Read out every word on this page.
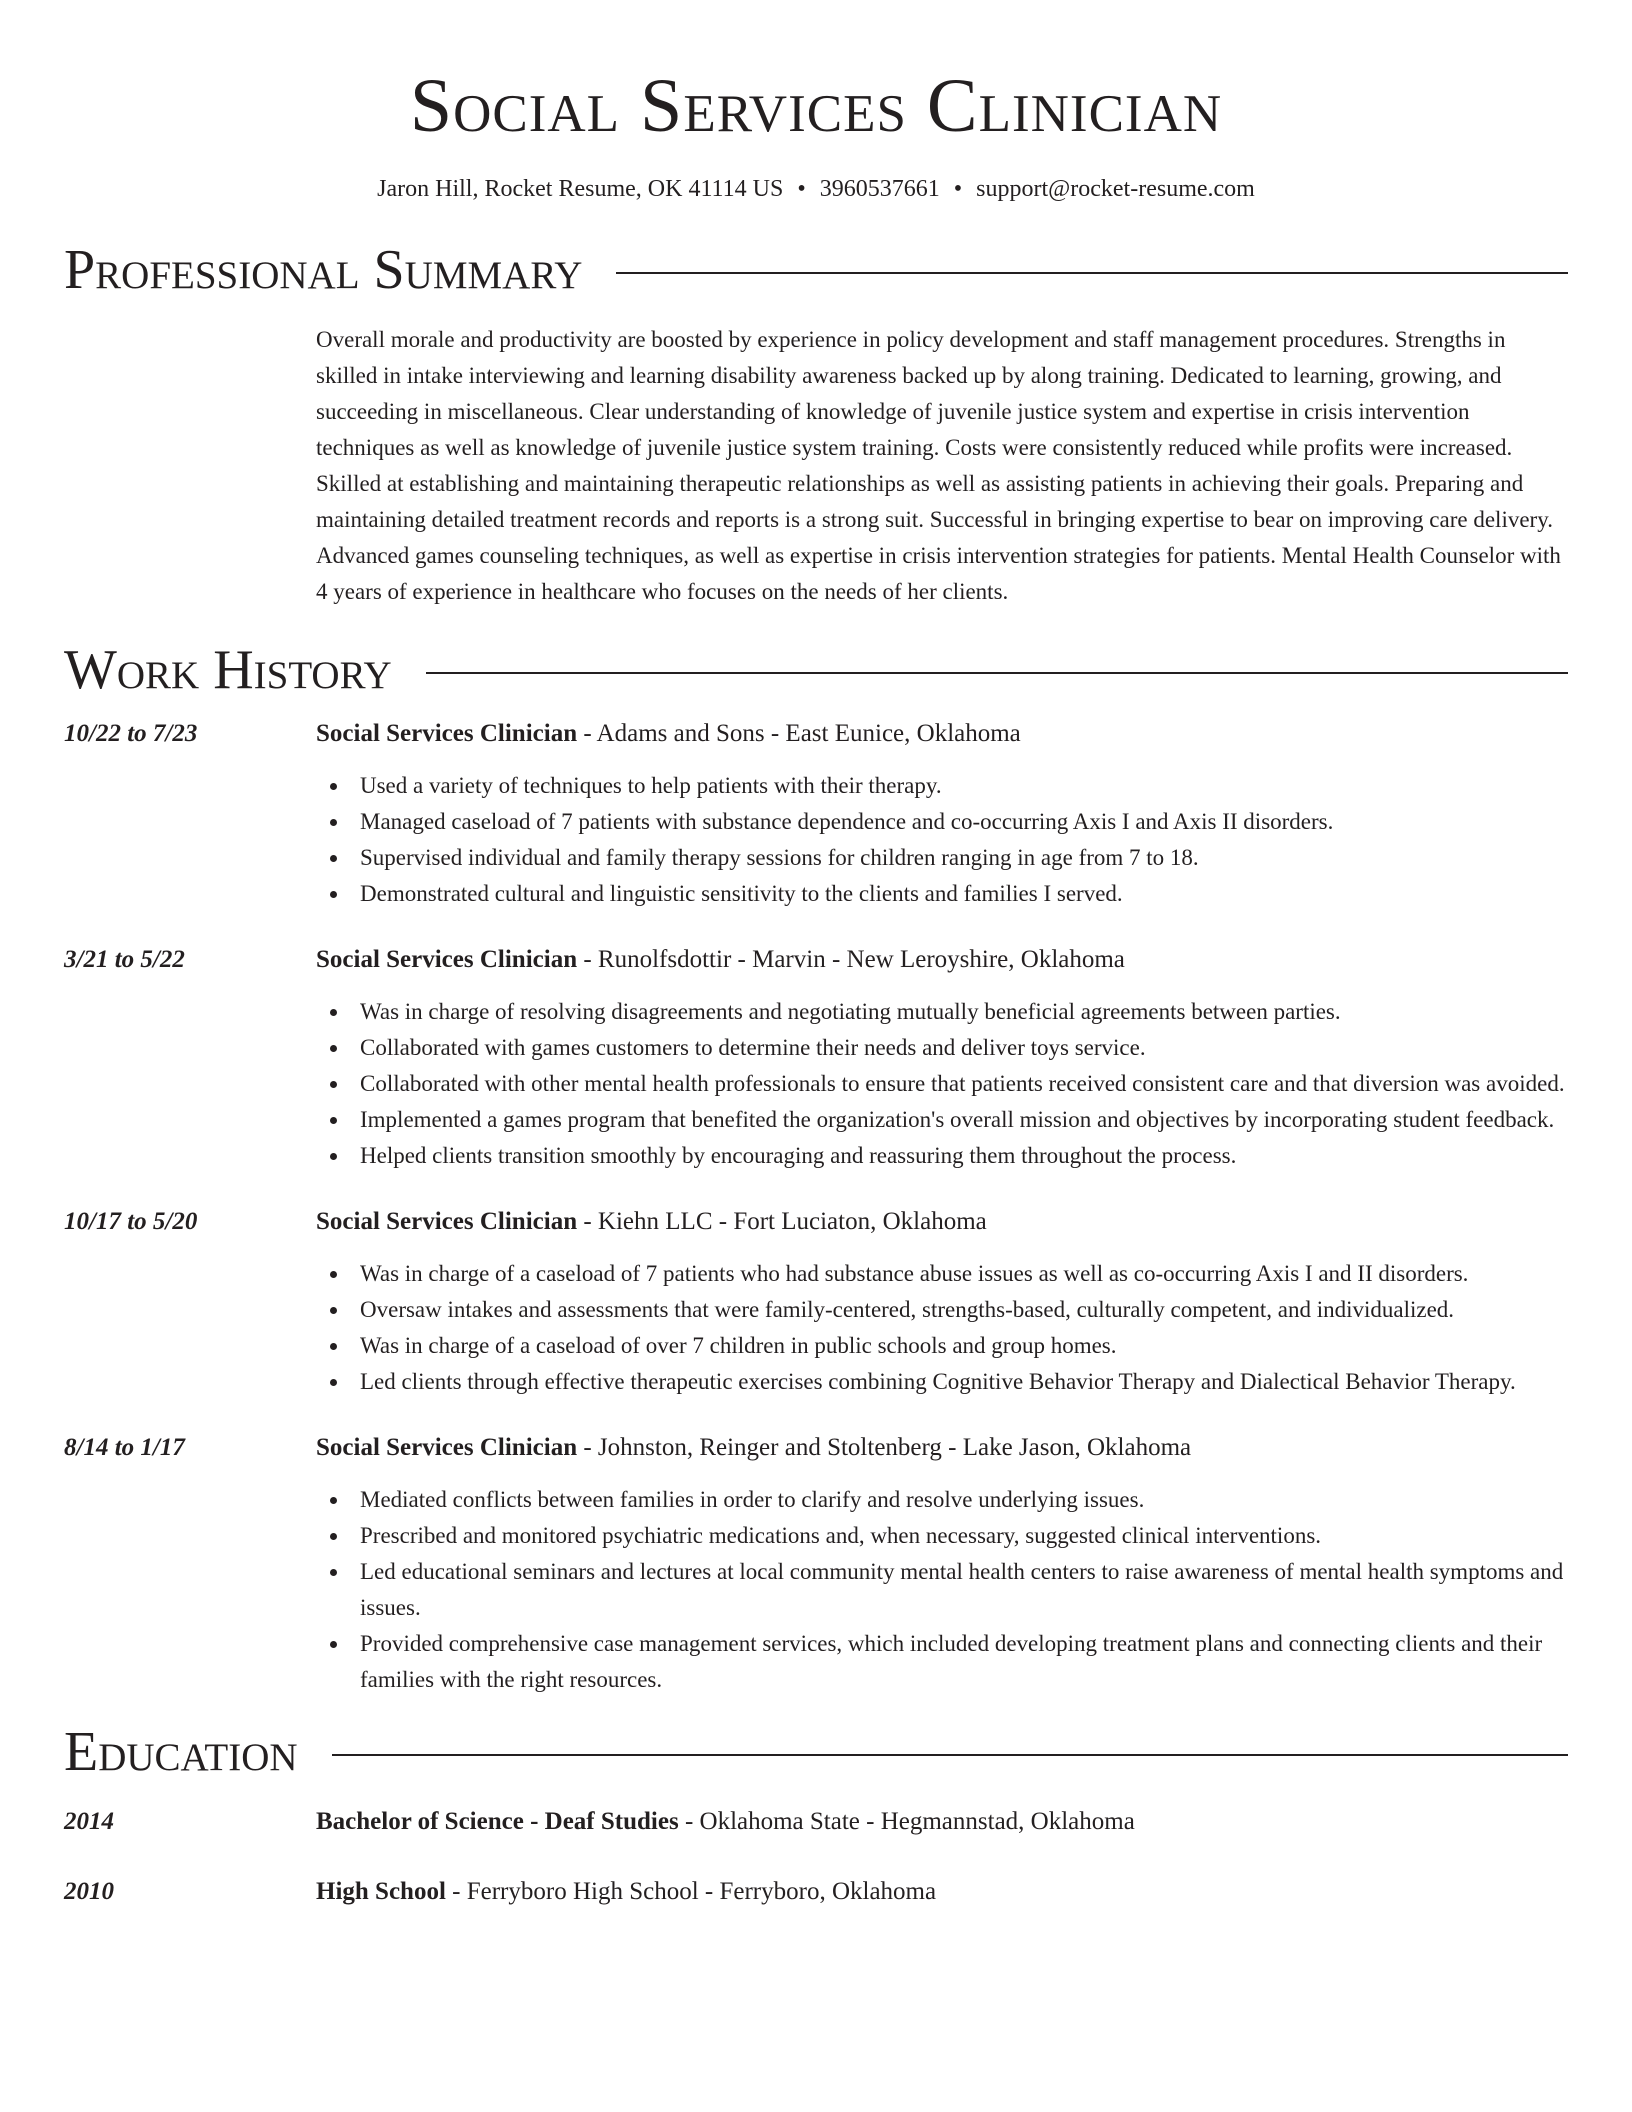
Social Services Clinician
Jaron Hill, Rocket Resume, OK 41114 US • 3960537661 • support@rocket-resume.com
Professional Summary
Overall morale and productivity are boosted by experience in policy development and staff management procedures. Strengths in skilled in intake interviewing and learning disability awareness backed up by along training. Dedicated to learning, growing, and succeeding in miscellaneous. Clear understanding of knowledge of juvenile justice system and expertise in crisis intervention techniques as well as knowledge of juvenile justice system training. Costs were consistently reduced while profits were increased. Skilled at establishing and maintaining therapeutic relationships as well as assisting patients in achieving their goals. Preparing and maintaining detailed treatment records and reports is a strong suit. Successful in bringing expertise to bear on improving care delivery. Advanced games counseling techniques, as well as expertise in crisis intervention strategies for patients. Mental Health Counselor with 4 years of experience in healthcare who focuses on the needs of her clients.
Work History
10/22 to 7/23	Social Services Clinician - Adams and Sons - East Eunice, Oklahoma
Used a variety of techniques to help patients with their therapy.
Managed caseload of 7 patients with substance dependence and co-occurring Axis I and Axis II disorders.
Supervised individual and family therapy sessions for children ranging in age from 7 to 18.
Demonstrated cultural and linguistic sensitivity to the clients and families I served.
3/21 to 5/22	Social Services Clinician - Runolfsdottir - Marvin - New Leroyshire, Oklahoma
Was in charge of resolving disagreements and negotiating mutually beneficial agreements between parties.
Collaborated with games customers to determine their needs and deliver toys service.
Collaborated with other mental health professionals to ensure that patients received consistent care and that diversion was avoided.
Implemented a games program that benefited the organization's overall mission and objectives by incorporating student feedback.
Helped clients transition smoothly by encouraging and reassuring them throughout the process.
10/17 to 5/20	Social Services Clinician - Kiehn LLC - Fort Luciaton, Oklahoma
Was in charge of a caseload of 7 patients who had substance abuse issues as well as co-occurring Axis I and II disorders.
Oversaw intakes and assessments that were family-centered, strengths-based, culturally competent, and individualized.
Was in charge of a caseload of over 7 children in public schools and group homes.
Led clients through effective therapeutic exercises combining Cognitive Behavior Therapy and Dialectical Behavior Therapy.
8/14 to 1/17	Social Services Clinician - Johnston, Reinger and Stoltenberg - Lake Jason, Oklahoma
Mediated conflicts between families in order to clarify and resolve underlying issues.
Prescribed and monitored psychiatric medications and, when necessary, suggested clinical interventions.
Led educational seminars and lectures at local community mental health centers to raise awareness of mental health symptoms and issues.
Provided comprehensive case management services, which included developing treatment plans and connecting clients and their families with the right resources.
Education
2014	Bachelor of Science - Deaf Studies - Oklahoma State - Hegmannstad, Oklahoma
2010	High School - Ferryboro High School - Ferryboro, Oklahoma
